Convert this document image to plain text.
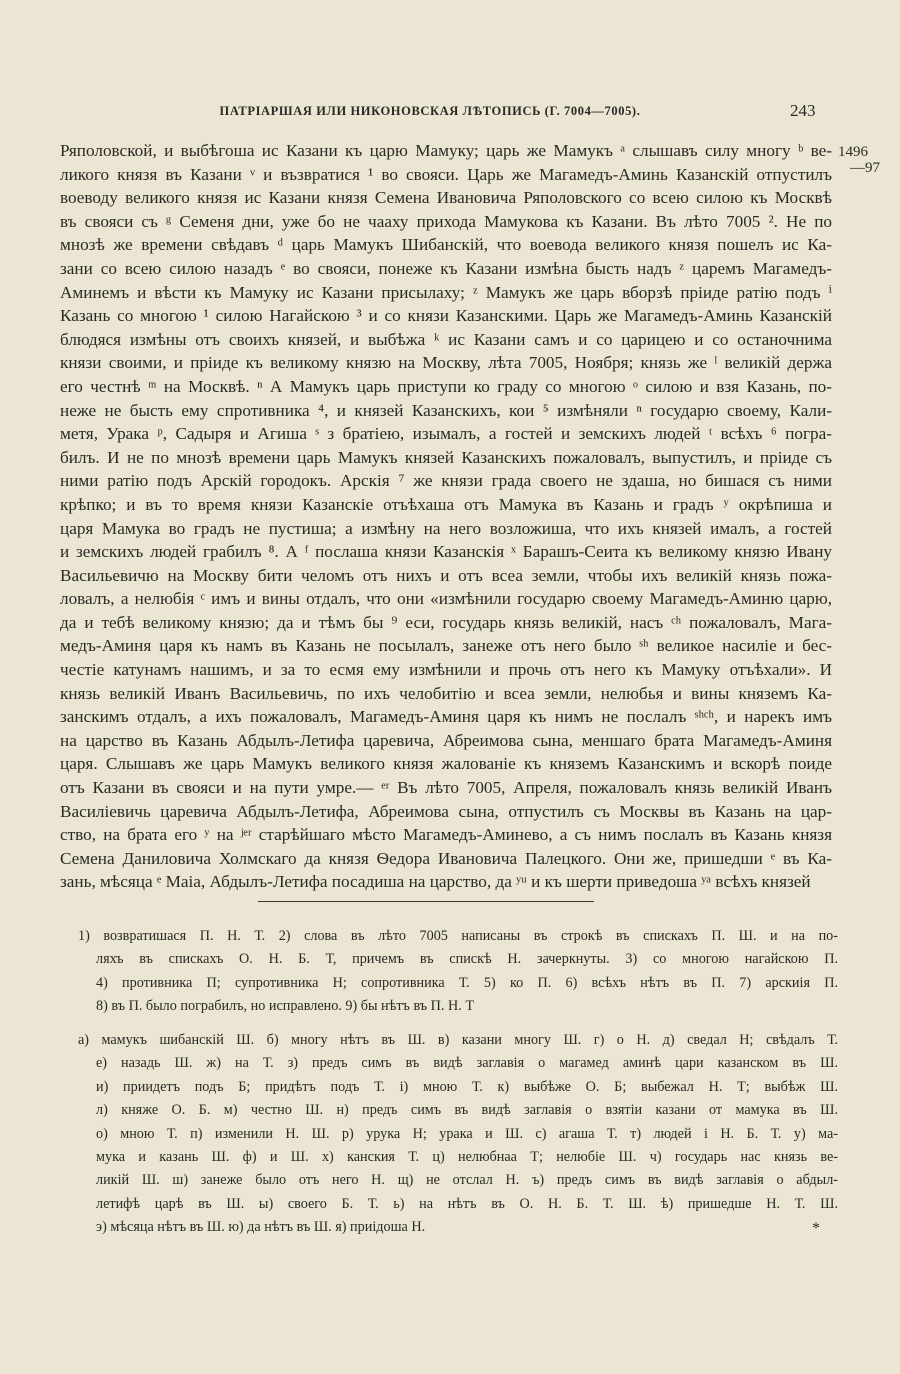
ПАТРІАРШАЯ ИЛИ НИКОНОВСКАЯ ЛѢТОПИСЬ (Г. 7004—7005).	243
1496
—97
Ряполовской, и выбѣгоша ис Казани къ царю Мамуку; царь же Мамукъ ᵃ слышавъ силу многу ᵇ ве-
ликого князя въ Казани ᵛ и възвратися ¹ во свояси. Царь же Магамедъ-Аминь Казанскій отпустилъ
воеводу великого князя ис Казани князя Семена Ивановича Ряполовского со всею силою къ Москвѣ
въ свояси съ ᵍ Семеня дни, уже бо не чааху прихода Мамукова къ Казани. Въ лѣто 7005 ². Не по
мнозѣ же времени свѣдавъ ᵈ царь Мамукъ Шибанскій, что воевода великого князя пошелъ ис Ка-
зани со всею силою назадъ ᵉ во свояси, понеже къ Казани измѣна бысть надъ ᶻ царемъ Магамедъ-
Аминемъ и вѣсти къ Мамуку ис Казани присылаху; ᶻ Мамукъ же царь вборзѣ пріиде ратію подъ ⁱ
Казань со многою ¹ силою Нагайскою ³ и со князи Казанскими. Царь же Магамедъ-Аминь Казанскій
блюдяся измѣны отъ своихъ князей, и выбѣжа ᵏ ис Казани самъ и со царицею и со останочнима
князи своими, и пріиде къ великому князю на Москву, лѣта 7005, Ноября; князь же ˡ великій держа
его честнѣ ᵐ на Москвѣ. ⁿ А Мамукъ царь приступи ко граду со многою ᵒ силою и взя Казань, по-
неже не бысть ему спротивника ⁴, и князей Казанскихъ, кои ⁵ измѣняли ⁿ государю своему, Кали-
метя, Урака ᵖ, Садыря и Агиша ˢ з братіею, изымалъ, а гостей и земскихъ людей ᵗ всѣхъ ⁶ погра-
билъ. И не по мнозѣ времени царь Мамукъ князей Казанскихъ пожаловалъ, выпустилъ, и пріиде съ
ними ратію подъ Арскій городокъ. Арскія ⁷ же князи града своего не здаша, но бишася съ ними
крѣпко; и въ то время князи Казанскіе отъѣхаша отъ Мамука въ Казань и градъ ʸ окрѣпиша и
царя Мамука во градъ не пустиша; а измѣну на него возложиша, что ихъ князей ималъ, а гостей
и земскихъ людей грабилъ ⁸. А ᶠ послаша князи Казанскія ˣ Барашъ-Сеита къ великому князю Ивану
Васильевичю на Москву бити челомъ отъ нихъ и отъ всеа земли, чтобы ихъ великій князь пожа-
ловалъ, а нелюбія ᶜ имъ и вины отдалъ, что они «измѣнили государю своему Магамедъ-Аминю царю,
да и тебѣ великому князю; да и тѣмъ бы ⁹ еси, государь князь великій, насъ ᶜʰ пожаловалъ, Мага-
медъ-Аминя царя къ намъ въ Казань не посылалъ, занеже отъ него было ˢʰ великое насиліе и бес-
честіе катунамъ нашимъ, и за то есмя ему измѣнили и прочь отъ него къ Мамуку отъѣхали». И
князь великій Иванъ Васильевичь, по ихъ челобитію и всеа земли, нелюбья и вины княземъ Ка-
занскимъ отдалъ, а ихъ пожаловалъ, Магамедъ-Аминя царя къ нимъ не послалъ ˢʰᶜʰ, и нарекъ имъ
на царство въ Казань Абдылъ-Летифа царевича, Абреимова сына, меншаго брата Магамедъ-Аминя
царя. Слышавъ же царь Мамукъ великого князя жалованіе къ княземъ Казанскимъ и вскорѣ поиде
отъ Казани въ свояси и на пути умре.— ᵉʳ Въ лѣто 7005, Апреля, пожаловалъ князь великій Иванъ
Василіевичь царевича Абдылъ-Летифа, Абреимова сына, отпустилъ съ Москвы въ Казань на цар-
ство, на брата его ʸ на ʲᵉʳ старѣйшаго мѣсто Магамедъ-Аминево, а съ нимъ послалъ въ Казань князя
Семена Даниловича Холмскаго да князя Ѳедора Ивановича Палецкого. Они же, пришедши ᵉ въ Ка-
зань, мѣсяца ᵉ Маіа, Абдылъ-Летифа посадиша на царство, да ʸᵘ и къ шерти приведоша ʸᵃ всѣхъ князей
1) возвратишася П. Н. Т. 2) слова въ лѣто 7005 написаны въ строкѣ въ спискахъ П. Ш. и на по-
ляхъ въ спискахъ О. Н. Б. Т, причемъ въ спискѣ Н. зачеркнуты. 3) со многою нагайскою П.
4) противника П; супротивника Н; сопротивника Т. 5) ко П. 6) всѣхъ нѣтъ въ П. 7) арскиія П.
8) въ П. было пограбилъ, но исправлено. 9) бы нѣтъ въ П. Н. Т
а) мамукъ шибанскій Ш. б) многу нѣтъ въ Ш. в) казани многу Ш. г) о Н. д) сведал Н; свѣдалъ Т.
е) назадь Ш. ж) на Т. з) предъ симъ въ видѣ заглавія о магамед аминѣ цари казанском въ Ш.
и) приидетъ подъ Б; придѣтъ подъ Т. і) мною Т. к) выбѣже О. Б; выбежал Н. Т; выбѣж Ш.
л) княже О. Б. м) честно Ш. н) предъ симъ въ видѣ заглавія о взятіи казани от мамука въ Ш.
о) мною Т. п) изменили Н. Ш. р) урука Н; урака и Ш. с) агаша Т. т) людей і Н. Б. Т. у) ма-
мука и казань Ш. ф) и Ш. х) канския Т. ц) нелюбнаа Т; нелюбіе Ш. ч) государь нас князь ве-
ликій Ш. ш) занеже было отъ него Н. щ) не отслал Н. ъ) предъ симъ въ видѣ заглавія о абдыл-
летифѣ царѣ въ Ш. ы) своего Б. Т. ь) на нѣтъ въ О. Н. Б. Т. Ш. ѣ) пришедше Н. Т. Ш.
э) мѣсяца нѣтъ въ Ш. ю) да нѣтъ въ Ш. я) приідоша Н.	*
